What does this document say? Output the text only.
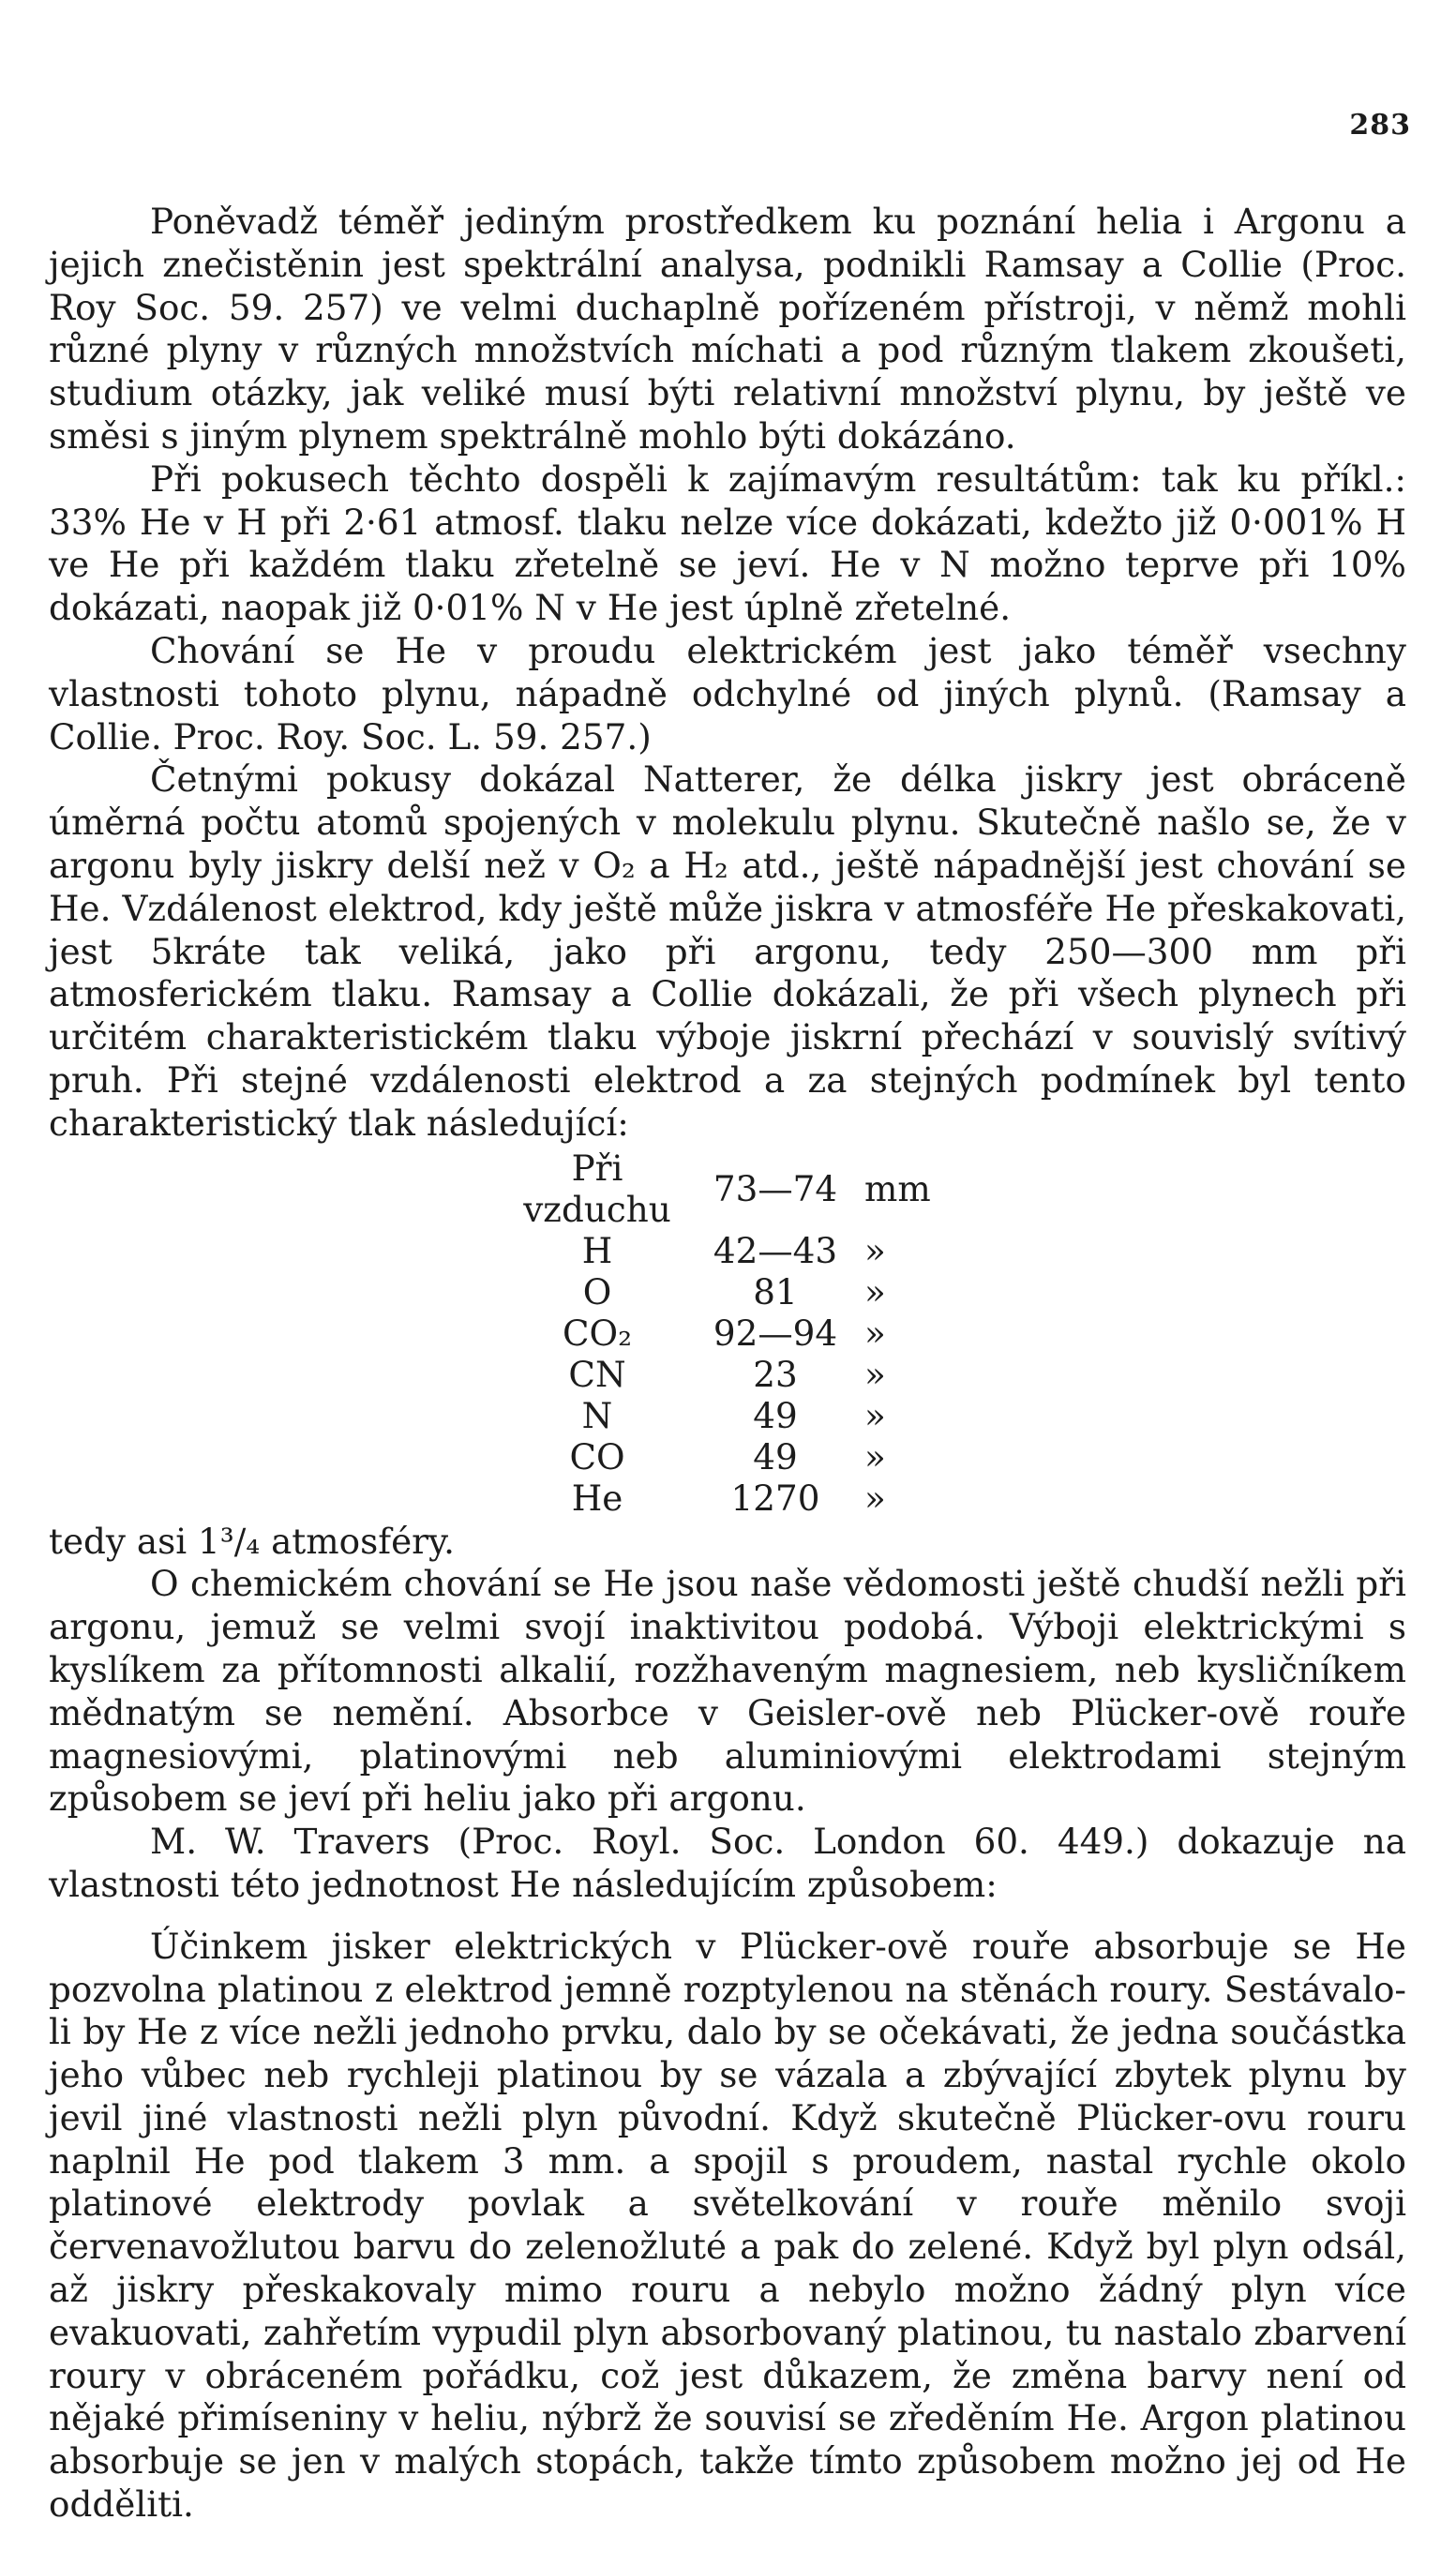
283

Poněvadž téměř jediným prostředkem ku poznání helia i Argonu a jejich znečistěnin jest spektrální analysa, podnikli Ramsay a Collie (Proc. Roy Soc. 59. 257) ve velmi duchaplně pořízeném přístroji, v němž mohli různé plyny v různých množstvích míchati a pod různým tlakem zkoušeti, studium otázky, jak veliké musí býti relativní množství plynu, by ještě ve směsi s jiným plynem spektrálně mohlo býti dokázáno.

Při pokusech těchto dospěli k zajímavým resultátům: tak ku příkl.: 33% He v H při 2·61 atmosf. tlaku nelze více dokázati, kdežto již 0·001% H ve He při každém tlaku zřetelně se jeví. He v N možno teprve při 10% dokázati, naopak již 0·01% N v He jest úplně zřetelné.

Chování se He v proudu elektrickém jest jako téměř vsechny vlastnosti tohoto plynu, nápadně odchylné od jiných plynů. (Ramsay a Collie. Proc. Roy. Soc. L. 59. 257.)

Četnými pokusy dokázal Natterer, že délka jiskry jest obráceně úměrná počtu atomů spojených v molekulu plynu. Skutečně našlo se, že v argonu byly jiskry delší než v O₂ a H₂ atd., ještě nápadnější jest chování se He. Vzdálenost elektrod, kdy ještě může jiskra v atmosféře He přeskakovati, jest 5kráte tak veliká, jako při argonu, tedy 250—300 mm při atmosferickém tlaku. Ramsay a Collie dokázali, že při všech plynech při určitém charakteristickém tlaku výboje jiskrní přechází v souvislý svítivý pruh. Při stejné vzdálenosti elektrod a za stejných podmínek byl tento charakteristický tlak následující:

Při vzduchu	73—74	mm
H	42—43	»
O	81	»
CO₂	92—94	»
CN	23	»
N	49	»
CO	49	»
He	1270	»

tedy asi 1³/₄ atmosféry.

O chemickém chování se He jsou naše vědomosti ještě chudší nežli při argonu, jemuž se velmi svojí inaktivitou podobá. Výboji elektrickými s kyslíkem za přítomnosti alkalií, rozžhaveným magnesiem, neb kysličníkem mědnatým se nemění. Absorbce v Geisler-ově neb Plücker-ově rouře magnesiovými, platinovými neb aluminiovými elektrodami stejným způsobem se jeví při heliu jako při argonu.

M. W. Travers (Proc. Royl. Soc. London 60. 449.) dokazuje na vlastnosti této jednotnost He následujícím způsobem:

Účinkem jisker elektrických v Plücker-ově rouře absorbuje se He pozvolna platinou z elektrod jemně rozptylenou na stěnách roury. Sestávalo-li by He z více nežli jednoho prvku, dalo by se očekávati, že jedna součástka jeho vůbec neb rychleji platinou by se vázala a zbývající zbytek plynu by jevil jiné vlastnosti nežli plyn původní. Když skutečně Plücker-ovu rouru naplnil He pod tlakem 3 mm. a spojil s proudem, nastal rychle okolo platinové elektrody povlak a světelkování v rouře měnilo svoji červenavožlutou barvu do zelenožluté a pak do zelené. Když byl plyn odsál, až jiskry přeskakovaly mimo rouru a nebylo možno žádný plyn více evakuovati, zahřetím vypudil plyn absorbovaný platinou, tu nastalo zbarvení roury v obráceném pořádku, což jest důkazem, že změna barvy není od nějaké přimíseniny v heliu, nýbrž že souvisí se zředěním He. Argon platinou absorbuje se jen v malých stopách, takže tímto způsobem možno jej od He odděliti.
